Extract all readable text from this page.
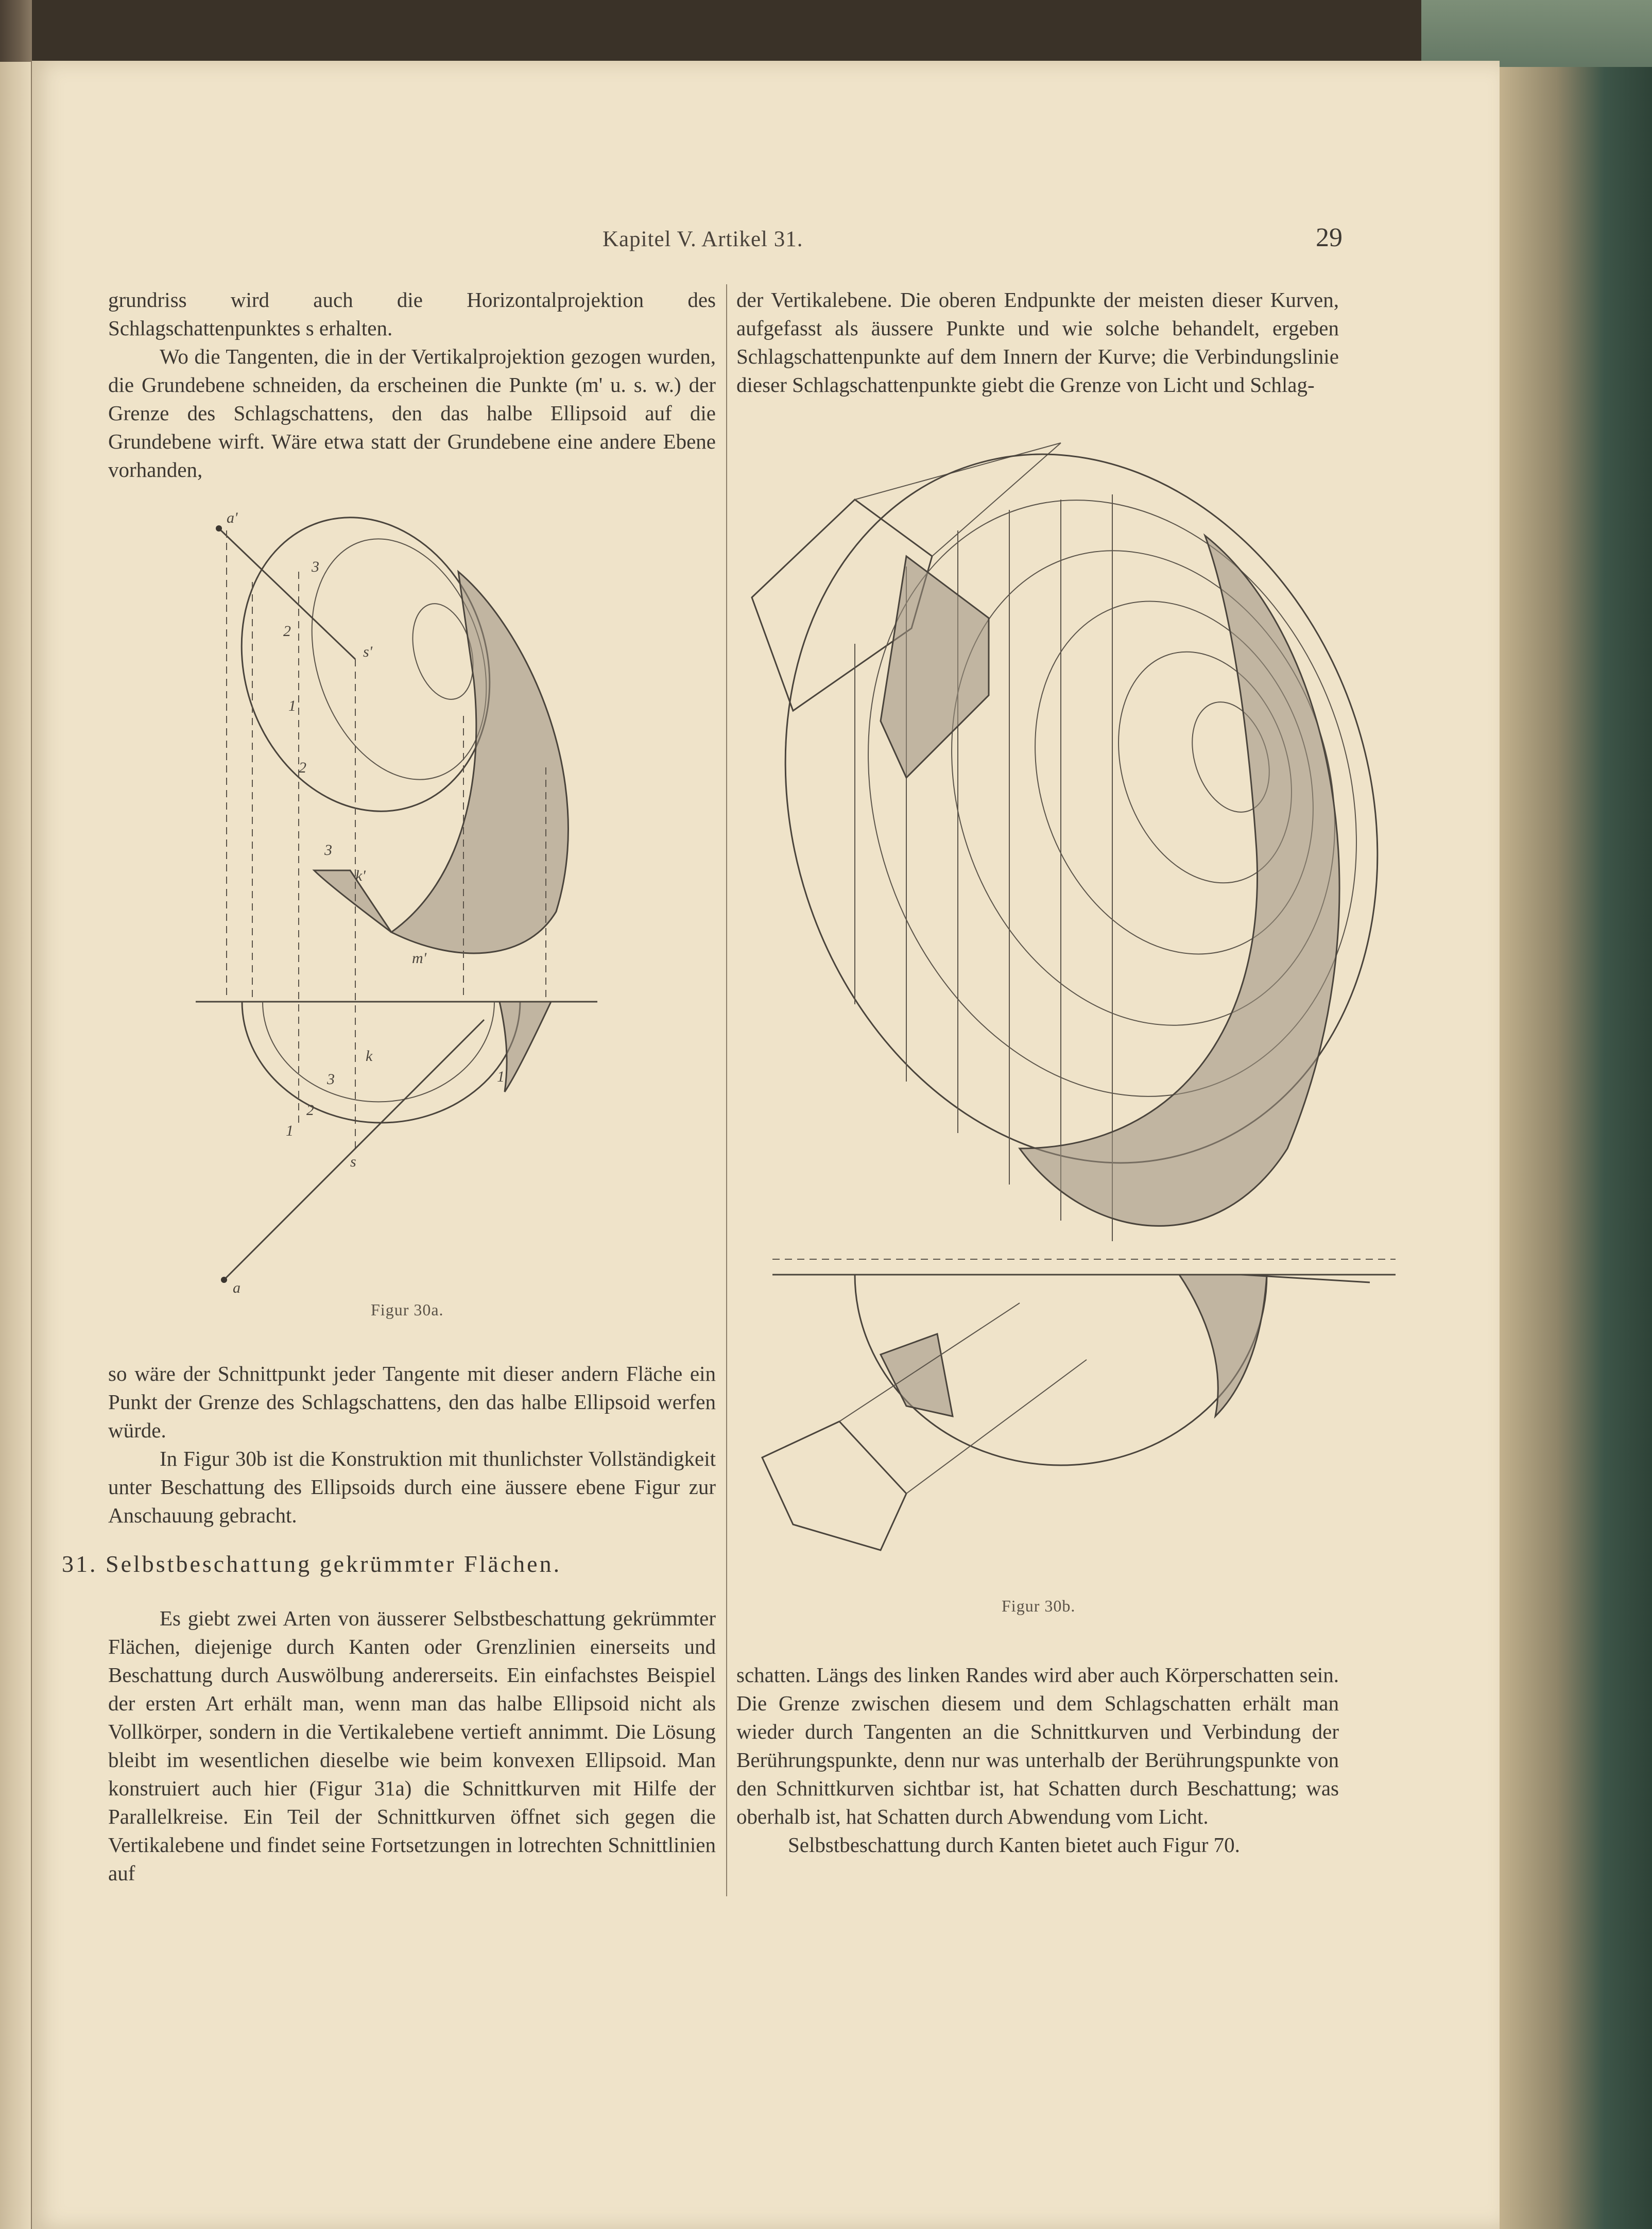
Kapitel V. Artikel 31.	29

grundriss wird auch die Horizontalprojektion des Schlagschattenpunktes s erhalten.

Wo die Tangenten, die in der Vertikalprojektion gezogen wurden, die Grundebene schneiden, da erscheinen die Punkte (m' u. s. w.) der Grenze des Schlagschattens, den das halbe Ellipsoid auf die Grundebene wirft. Wäre etwa statt der Grundebene eine andere Ebene vorhanden,

der Vertikalebene. Die oberen Endpunkte der meisten dieser Kurven, aufgefasst als äussere Punkte und wie solche behandelt, ergeben Schlagschattenpunkte auf dem Innern der Kurve; die Verbindungslinie dieser Schlagschattenpunkte giebt die Grenze von Licht und Schlag-

a'
3
2
1
2
3
s'
k'
m'
k
3
2
1
1
s
a
Figur 30a.
Figur 30b.

so wäre der Schnittpunkt jeder Tangente mit dieser andern Fläche ein Punkt der Grenze des Schlagschattens, den das halbe Ellipsoid werfen würde.

In Figur 30b ist die Konstruktion mit thunlichster Vollständigkeit unter Beschattung des Ellipsoids durch eine äussere ebene Figur zur Anschauung gebracht.

31. Selbstbeschattung gekrümmter Flächen.

Es giebt zwei Arten von äusserer Selbstbeschattung gekrümmter Flächen, diejenige durch Kanten oder Grenzlinien einerseits und Beschattung durch Auswölbung andererseits. Ein einfachstes Beispiel der ersten Art erhält man, wenn man das halbe Ellipsoid nicht als Vollkörper, sondern in die Vertikalebene vertieft annimmt. Die Lösung bleibt im wesentlichen dieselbe wie beim konvexen Ellipsoid. Man konstruiert auch hier (Figur 31a) die Schnittkurven mit Hilfe der Parallelkreise. Ein Teil der Schnittkurven öffnet sich gegen die Vertikalebene und findet seine Fortsetzungen in lotrechten Schnittlinien auf

schatten. Längs des linken Randes wird aber auch Körperschatten sein. Die Grenze zwischen diesem und dem Schlagschatten erhält man wieder durch Tangenten an die Schnittkurven und Verbindung der Berührungspunkte, denn nur was unterhalb der Berührungspunkte von den Schnittkurven sichtbar ist, hat Schatten durch Beschattung; was oberhalb ist, hat Schatten durch Abwendung vom Licht.

Selbstbeschattung durch Kanten bietet auch Figur 70.
